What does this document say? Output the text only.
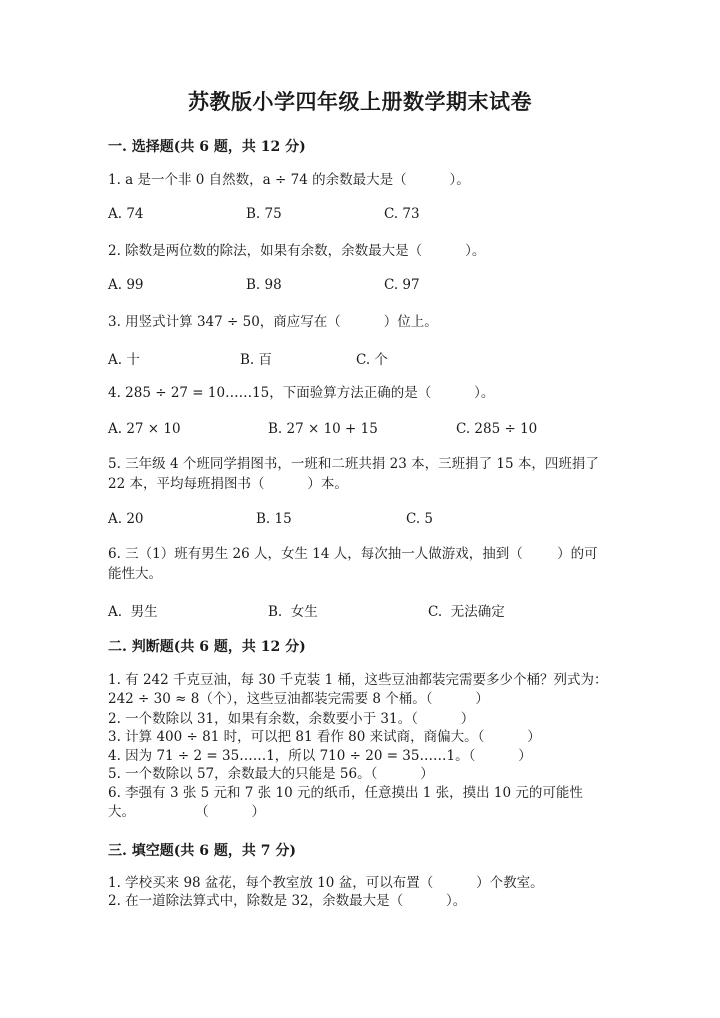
苏教版小学四年级上册数学期末试卷
一. 选择题(共 6 题，共 12 分)
1. a 是一个非 0 自然数，a ÷ 74 的余数最大是（          ）。
A. 74	B. 75	C. 73
2. 除数是两位数的除法，如果有余数，余数最大是（          ）。
A. 99	B. 98	C. 97
3. 用竖式计算 347 ÷ 50，商应写在（          ）位上。
A. 十	B. 百	C. 个
4. 285 ÷ 27 = 10……15，下面验算方法正确的是（          ）。
A. 27 × 10	B. 27 × 10 + 15	C. 285 ÷ 10
5. 三年级 4 个班同学捐图书，一班和二班共捐 23 本，三班捐了 15 本，四班捐了 22 本，平均每班捐图书（          ）本。
A. 20	B. 15	C. 5
6. 三（1）班有男生 26 人，女生 14 人，每次抽一人做游戏，抽到（        ）的可能性大。
A.  男生	B.  女生	C.  无法确定
二. 判断题(共 6 题，共 12 分)
1. 有 242 千克豆油，每 30 千克装 1 桶，这些豆油都装完需要多少个桶？列式为：242 ÷ 30 ≈ 8（个），这些豆油都装完需要 8 个桶。（          ）
2. 一个数除以 31，如果有余数，余数要小于 31。（          ）
3. 计算 400 ÷ 81 时，可以把 81 看作 80 来试商，商偏大。（          ）
4. 因为 71 ÷ 2 = 35……1，所以 710 ÷ 20 = 35……1。（          ）
5. 一个数除以 57，余数最大的只能是 56。（          ）
6. 李强有 3 张 5 元和 7 张 10 元的纸币，任意摸出 1 张，摸出 10 元的可能性大。              （          ）
三. 填空题(共 6 题，共 7 分)
1. 学校买来 98 盆花，每个教室放 10 盆，可以布置（          ）个教室。
2. 在一道除法算式中，除数是 32，余数最大是（          ）。
